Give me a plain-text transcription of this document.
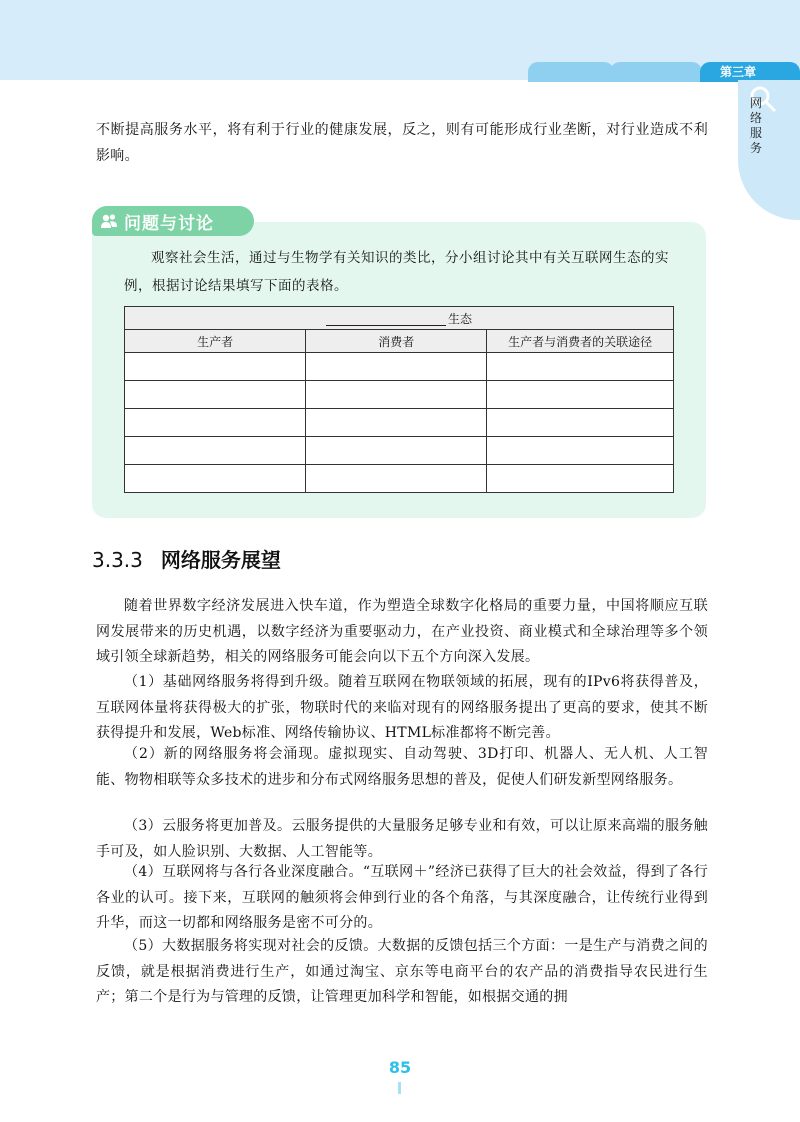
第三章
网
络
服
务

不断提高服务水平，将有利于行业的健康发展，反之，则有可能形成行业垄断，对行业造成不利影响。

问题与讨论

观察社会生活，通过与生物学有关知识的类比，分小组讨论其中有关互联网生态的实例，根据讨论结果填写下面的表格。

生态		
生产者	消费者	生产者与消费者的关联途径

3.3.3 网络服务展望

随着世界数字经济发展进入快车道，作为塑造全球数字化格局的重要力量，中国将顺应互联网发展带来的历史机遇，以数字经济为重要驱动力，在产业投资、商业模式和全球治理等多个领域引领全球新趋势，相关的网络服务可能会向以下五个方向深入发展。

（1）基础网络服务将得到升级。随着互联网在物联领域的拓展，现有的IPv6将获得普及，互联网体量将获得极大的扩张，物联时代的来临对现有的网络服务提出了更高的要求，使其不断获得提升和发展，Web标准、网络传输协议、HTML标准都将不断完善。

（2）新的网络服务将会涌现。虚拟现实、自动驾驶、3D打印、机器人、无人机、人工智能、物物相联等众多技术的进步和分布式网络服务思想的普及，促使人们研发新型网络服务。

（3）云服务将更加普及。云服务提供的大量服务足够专业和有效，可以让原来高端的服务触手可及，如人脸识别、大数据、人工智能等。

（4）互联网将与各行各业深度融合。“互联网＋”经济已获得了巨大的社会效益，得到了各行各业的认可。接下来，互联网的触须将会伸到行业的各个角落，与其深度融合，让传统行业得到升华，而这一切都和网络服务是密不可分的。

（5）大数据服务将实现对社会的反馈。大数据的反馈包括三个方面：一是生产与消费之间的反馈，就是根据消费进行生产，如通过淘宝、京东等电商平台的农产品的消费指导农民进行生产；第二个是行为与管理的反馈，让管理更加科学和智能，如根据交通的拥

85
